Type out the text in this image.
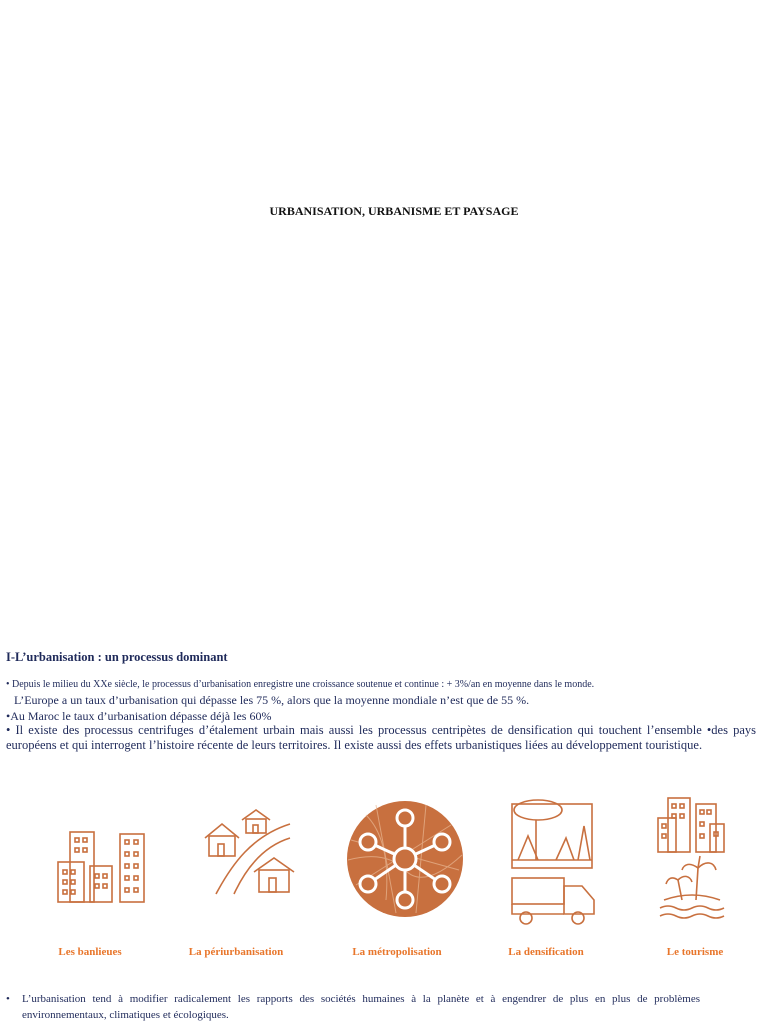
URBANISATION, URBANISME ET PAYSAGE
I-L’urbanisation : un processus dominant
• Depuis le milieu du XXe siècle, le processus d’urbanisation enregistre une croissance soutenue et continue : + 3%/an en moyenne dans le monde.
L’Europe a un taux d’urbanisation qui dépasse les 75 %, alors que la moyenne mondiale n’est que de 55 %.
•Au Maroc le taux d’urbanisation dépasse déjà les 60%
• Il existe des processus centrifuges d’étalement urbain mais aussi les processus centripètes de densification qui touchent l’ensemble •des pays européens et qui interrogent l’histoire récente de leurs territoires. Il existe aussi des effets urbanistiques liées au développement touristique.
Les banlieues	La périurbanisation	La métropolisation	La densification	Le tourisme
• L’urbanisation tend à modifier radicalement les rapports des sociétés humaines à la planète et à engendrer de plus en plus de problèmes environnementaux, climatiques et écologiques.
